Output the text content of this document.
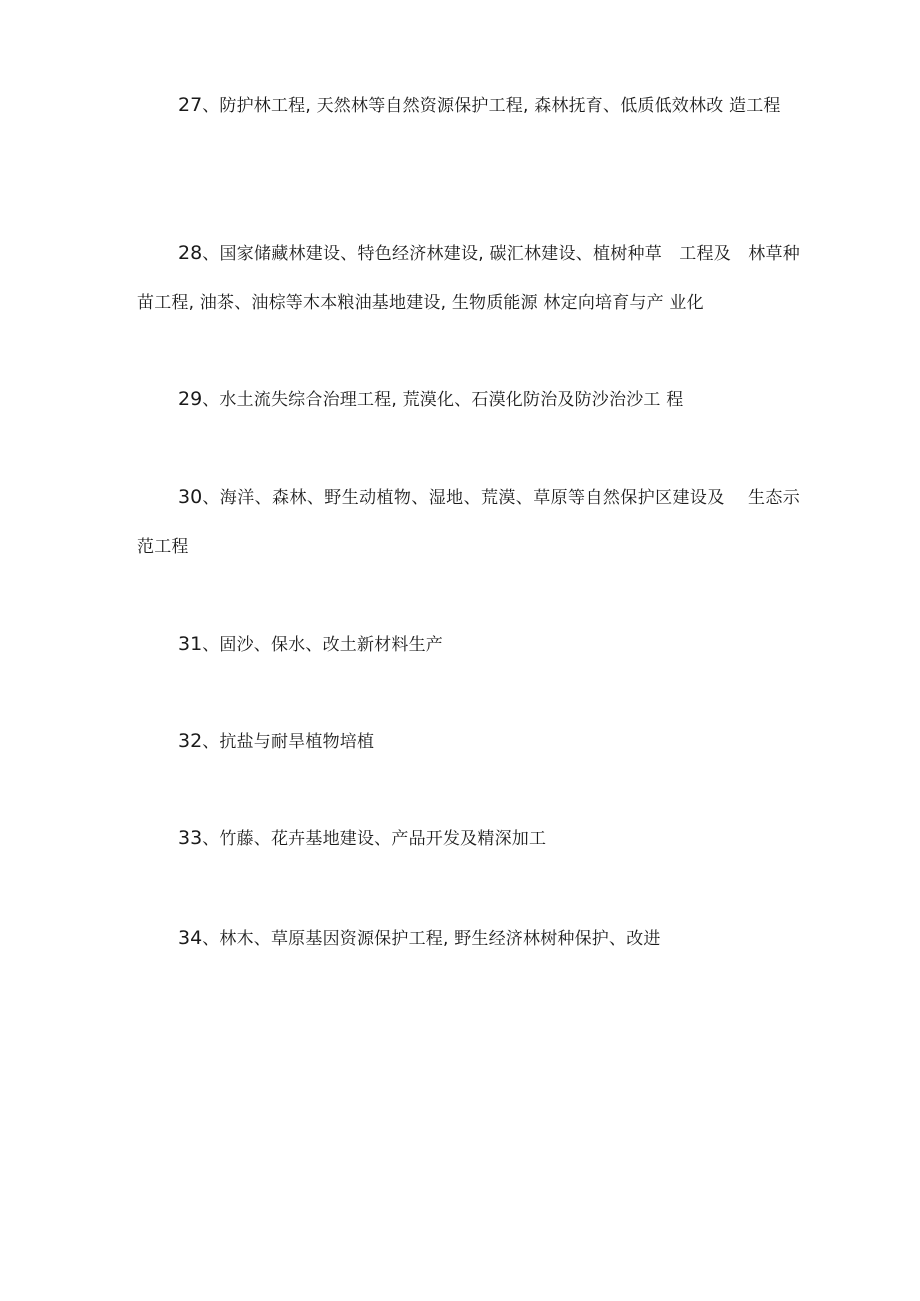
27、防护林工程, 天然林等自然资源保护工程, 森林抚育、低质低效林改 造工程

28、国家储藏林建设、特色经济林建设, 碳汇林建设、植树种草　工程及　林草种苗工程, 油茶、油棕等木本粮油基地建设, 生物质能源 林定向培育与产 业化

29、水土流失综合治理工程, 荒漠化、石漠化防治及防沙治沙工 程

30、海洋、森林、野生动植物、湿地、荒漠、草原等自然保护区建设及　 生态示范工程

31、固沙、保水、改土新材料生产

32、抗盐与耐旱植物培植

33、竹藤、花卉基地建设、产品开发及精深加工

34、林木、草原基因资源保护工程, 野生经济林树种保护、改进
